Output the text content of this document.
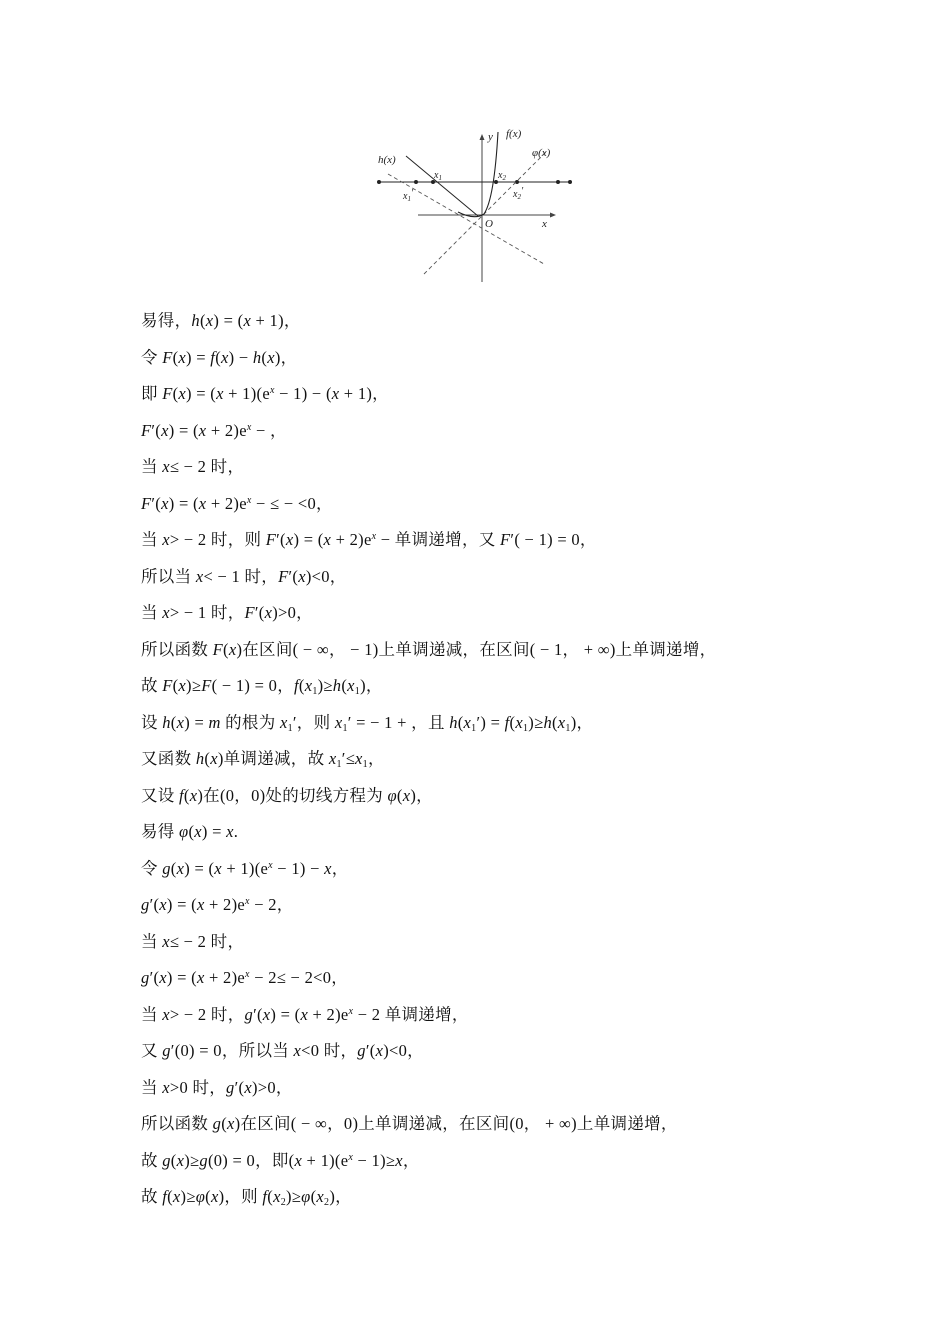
f(x)
h(x)
φ(x)
y
x
O
$x_1$
$x_1'$
$x_2$
$x_2'$
易得，h(x) = (x + 1)，
令 F(x) = f(x) − h(x)，
即 $F(x) = (x + 1)(e^x - 1) - (x + 1)$，
$F'(x) = (x + 2)e^x$ − ，
当 x≤ − 2 时，
$F'(x) = (x + 2)e^x$ − ≤ − <0，
当 x> − 2 时，则 $F'(x) = (x + 2)e^x$ − 单调递增，又 F′( − 1) = 0，
所以当 x< − 1 时，F′(x)<0，
当 x> − 1 时，F′(x)>0，
所以函数 F(x)在区间( − ∞， − 1)上单调递减，在区间( − 1， + ∞)上单调递增，
故 F(x)≥F( − 1) = 0，$f(x_1)\ge h(x_1)$，
设 h(x) = m 的根为 $x_1'$，则 $x_1'$ = − 1 + ，且 $h(x_1') = f(x_1)\ge h(x_1)$，
又函数 h(x)单调递减，故 $x_1'\le x_1$，
又设 f(x)在(0，0)处的切线方程为 φ(x)，
易得 φ(x) = x.
令 $g(x) = (x + 1)(e^x - 1) - x$，
$g'(x) = (x + 2)e^x - 2$，
当 x≤ − 2 时，
$g'(x) = (x + 2)e^x - 2\le - 2<0$，
当 x> − 2 时，$g'(x) = (x + 2)e^x - 2$ 单调递增，
又 g′(0) = 0，所以当 x<0 时，g′(x)<0，
当 x>0 时，g′(x)>0，
所以函数 g(x)在区间( − ∞，0)上单调递减，在区间(0， + ∞)上单调递增，
故 g(x)≥g(0) = 0，即$(x + 1)(e^x - 1)\ge x$，
故 f(x)≥φ(x)，则 $f(x_2)\ge\varphi(x_2)$，
